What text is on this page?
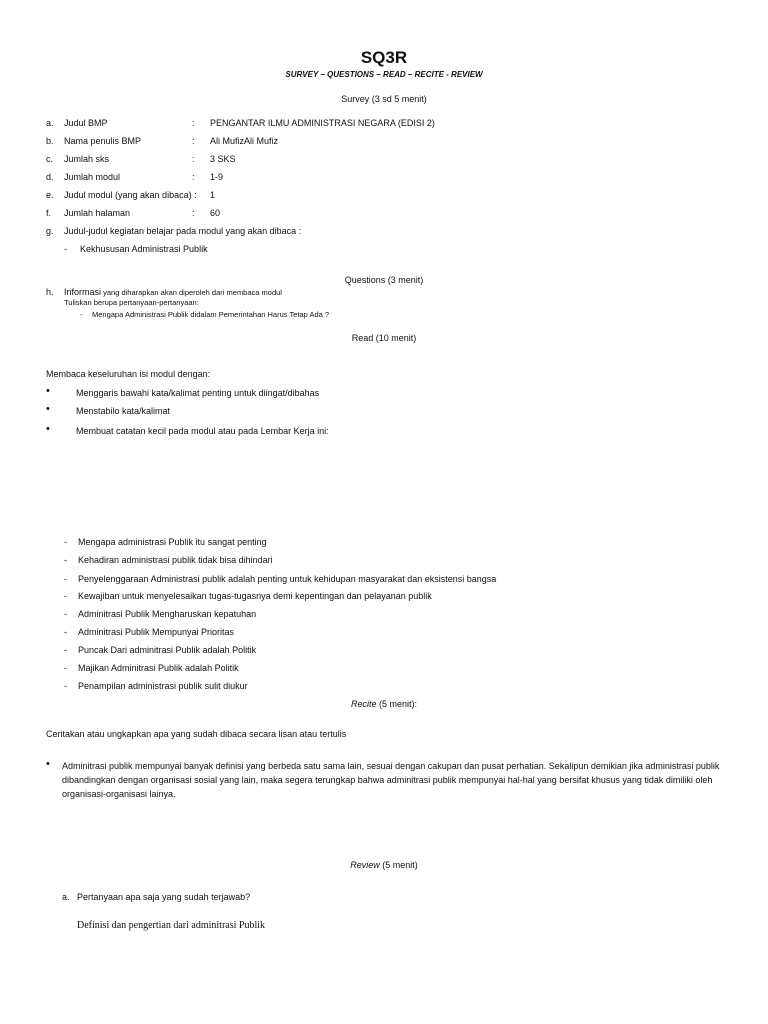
SQ3R
SURVEY – QUESTIONS – READ – RECITE - REVIEW
Survey (3 sd 5 menit)
a. Judul BMP	: PENGANTAR ILMU ADMINISTRASI NEGARA (EDISI 2)
b. Nama penulis BMP	: Ali MufizAli Mufiz
c. Jumlah sks	: 3 SKS
d. Jumlah modul	: 1-9
e. Judul modul (yang akan dibaca) : 1
f. Jumlah halaman	: 60
g. Judul-judul kegiatan belajar pada modul yang akan dibaca :
- Kekhususan Administrasi Publik
Questions (3 menit)
h. Informasi yang diharapkan akan diperoleh dari membaca modul
Tuliskan berupa pertanyaan-pertanyaan:
- Mengapa Administrasi Publik didalam Pemerintahan Harus Tetap Ada ?
Read (10 menit)
Membaca keseluruhan isi modul dengan:
•	Menggaris bawahi kata/kalimat penting untuk diingat/dibahas
•	Menstabilo kata/kalimat
•	Membuat catatan kecil pada modul atau pada Lembar Kerja ini:
- Mengapa administrasi Publik itu sangat penting
- Kehadiran administrasi publik tidak bisa dihindari
- Penyelenggaraan Administrasi publik adalah penting untuk kehidupan masyarakat dan eksistensi bangsa
- Kewajiban untuk menyelesaikan tugas-tugasnya demi kepentingan dan pelayanan publik
- Adminitrasi Publik Mengharuskan kepatuhan
- Adminitrasi Publik Mempunyai Prioritas
- Puncak Dari adminitrasi Publik adalah Politik
- Majikan Adminitrasi Publik adalah Politik
- Penampilan administrasi publik sulit diukur
Recite (5 menit):
Ceritakan atau ungkapkan apa yang sudah dibaca secara lisan atau tertulis
• Adminitrasi publik mempunyai banyak definisi yang berbeda satu sama lain, sesuai dengan cakupan dan pusat perhatian. Sekalipun demikian jika administrasi publik dibandingkan dengan organisasi sosial yang lain, maka segera terungkap bahwa adminitrasi publik mempunyai hal-hal yang bersifat khusus yang tidak dimiliki oleh organisasi-organisasi lainya.
Review (5 menit)
a. Pertanyaan apa saja yang sudah terjawab?
Definisi dan pengertian dari adminitrasi Publik
